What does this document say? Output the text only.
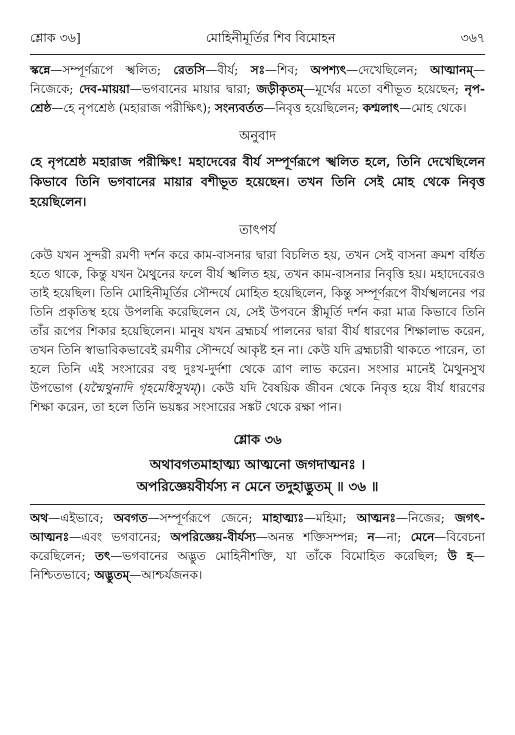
শ্লোক ৩৬]	মোহিনীমূর্তির শিব বিমোহন	৩৬৭

স্কন্নে—সম্পূর্ণরূপে স্খলিত; রেতসি—বীর্য; সঃ—শিব; অপশ্যৎ—দেখেছিলেন; আত্মানম্—নিজেকে; দেব-মায়য়া—ভগবানের মায়ার দ্বারা; জড়ীকৃতম্—মূর্খের মতো বশীভূত হয়েছেন; নৃপ-শ্রেষ্ঠ—হে নৃপশ্রেষ্ঠ (মহারাজ পরীক্ষিৎ); সংন্যবর্তত—নিবৃত্ত হয়েছিলেন; কশ্মলাৎ—মোহ থেকে।

অনুবাদ

হে নৃপশ্রেষ্ঠ মহারাজ পরীক্ষিৎ! মহাদেবের বীর্য সম্পূর্ণরূপে স্খলিত হলে, তিনি দেখেছিলেন কিভাবে তিনি ভগবানের মায়ার বশীভূত হয়েছেন। তখন তিনি সেই মোহ থেকে নিবৃত্ত হয়েছিলেন।

তাৎপর্য

কেউ যখন সুন্দরী রমণী দর্শন করে কাম-বাসনার দ্বারা বিচলিত হয়, তখন সেই বাসনা ক্রমশ বর্ধিত হতে থাকে, কিন্তু যখন মৈথুনের ফলে বীর্য স্খলিত হয়, তখন কাম-বাসনার নিবৃত্তি হয়। মহাদেবেরও তাই হয়েছিল। তিনি মোহিনীমূর্তির সৌন্দর্যে মোহিত হয়েছিলেন, কিন্তু সম্পূর্ণরূপে বীর্যস্খলনের পর তিনি প্রকৃতিস্থ হয়ে উপলব্ধি করেছিলেন যে, সেই উপবনে স্ত্রীমূর্তি দর্শন করা মাত্র কিভাবে তিনি তাঁর রূপের শিকার হয়েছিলেন। মানুষ যখন ব্রহ্মচর্য পালনের দ্বারা বীর্য ধারণের শিক্ষালাভ করেন, তখন তিনি স্বাভাবিকভাবেই রমণীর সৌন্দর্যে আকৃষ্ট হন না। কেউ যদি ব্রহ্মচারী থাকতে পারেন, তা হলে তিনি এই সংসারের বহু দুঃখ-দুর্দশা থেকে ত্রাণ লাভ করেন। সংসার মানেই মৈথুনসুখ উপভোগ (যন্মৈথুনাদি গৃহমেধিসুখম্)। কেউ যদি বৈষয়িক জীবন থেকে নিবৃত্ত হয়ে বীর্য ধারণের শিক্ষা করেন, তা হলে তিনি ভয়ঙ্কর সংসারের সঙ্কট থেকে রক্ষা পান।

শ্লোক ৩৬

অথাবগতমাহাত্ম্য আত্মনো জগদাত্মনঃ ।

অপরিজ্ঞেয়বীর্যস্য ন মেনে তদুহাদ্ভুতম্ ॥ ৩৬ ॥

অথ—এইভাবে; অবগত—সম্পূর্ণরূপে জেনে; মাহাত্ম্যঃ—মহিমা; আত্মনঃ—নিজের; জগৎ-আত্মনঃ—এবং ভগবানের; অপরিজ্ঞেয়-বীর্যস্য—অনন্ত শক্তিসম্পন্ন; ন—না; মেনে—বিবেচনা করেছিলেন; তৎ—ভগবানের অদ্ভুত মোহিনীশক্তি, যা তাঁকে বিমোহিত করেছিল; উ হ—নিশ্চিতভাবে; অদ্ভুতম্—আশ্চর্যজনক।
